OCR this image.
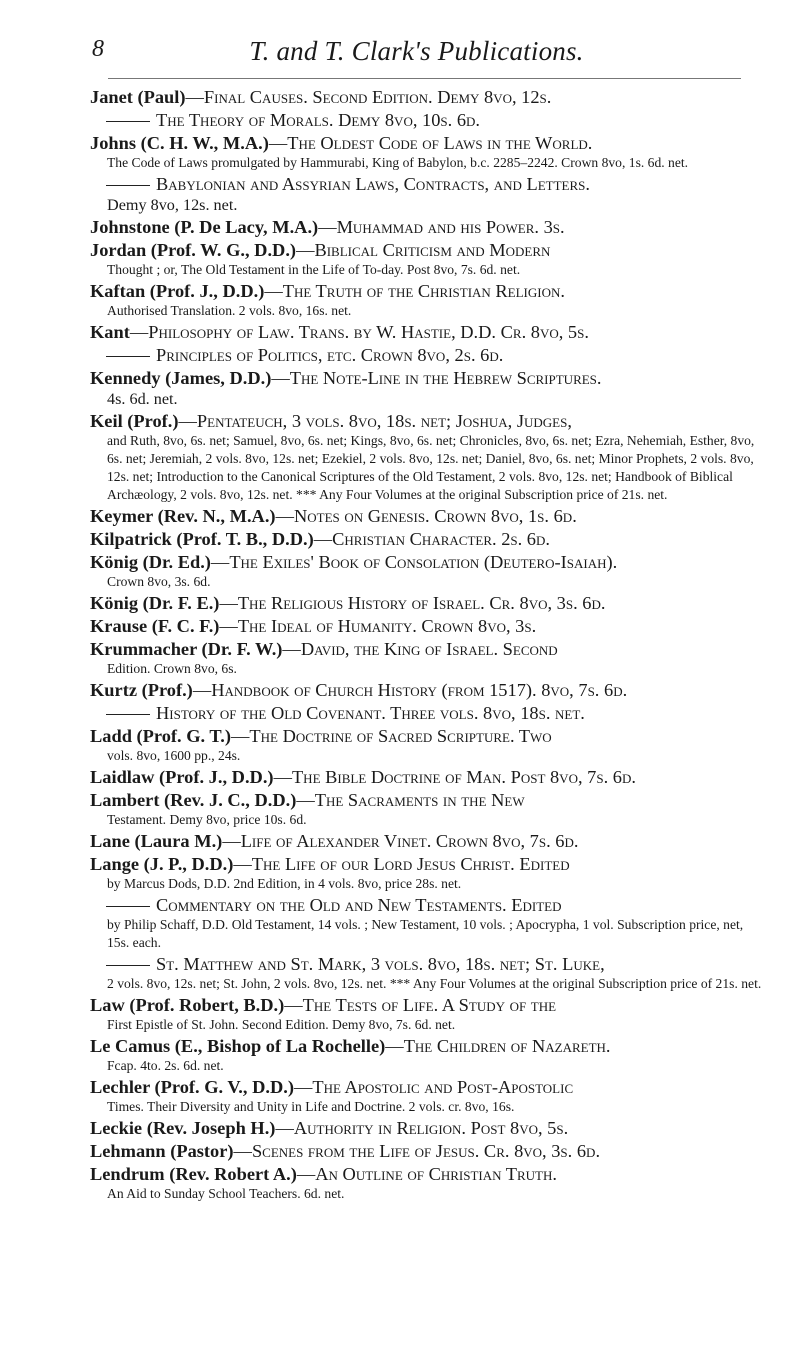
8	T. and T. Clark's Publications.
Janet (Paul)—Final Causes. Second Edition. Demy 8vo, 12s.
The Theory of Morals. Demy 8vo, 10s. 6d.
Johns (C. H. W., M.A.)—The Oldest Code of Laws in the World.
The Code of Laws promulgated by Hammurabi, King of Babylon, b.c. 2285–2242. Crown 8vo, 1s. 6d. net.
Babylonian and Assyrian Laws, Contracts, and Letters.
Demy 8vo, 12s. net.
Johnstone (P. De Lacy, M.A.)—Muhammad and his Power. 3s.
Jordan (Prof. W. G., D.D.)—Biblical Criticism and Modern
Thought ; or, The Old Testament in the Life of To-day. Post 8vo, 7s. 6d. net.
Kaftan (Prof. J., D.D.)—The Truth of the Christian Religion.
Authorised Translation. 2 vols. 8vo, 16s. net.
Kant—Philosophy of Law. Trans. by W. Hastie, D.D. Cr. 8vo, 5s.
Principles of Politics, etc. Crown 8vo, 2s. 6d.
Kennedy (James, D.D.)—The Note-Line in the Hebrew Scriptures.
4s. 6d. net.
Keil (Prof.)—Pentateuch, 3 vols. 8vo, 18s. net; Joshua, Judges,
and Ruth, 8vo, 6s. net; Samuel, 8vo, 6s. net; Kings, 8vo, 6s. net; Chronicles, 8vo, 6s. net; Ezra, Nehemiah, Esther, 8vo, 6s. net; Jeremiah, 2 vols. 8vo, 12s. net; Ezekiel, 2 vols. 8vo, 12s. net; Daniel, 8vo, 6s. net; Minor Prophets, 2 vols. 8vo, 12s. net; Introduction to the Canonical Scriptures of the Old Testament, 2 vols. 8vo, 12s. net; Handbook of Biblical Archæology, 2 vols. 8vo, 12s. net. *** Any Four Volumes at the original Subscription price of 21s. net.
Keymer (Rev. N., M.A.)—Notes on Genesis. Crown 8vo, 1s. 6d.
Kilpatrick (Prof. T. B., D.D.)—Christian Character. 2s. 6d.
König (Dr. Ed.)—The Exiles' Book of Consolation (Deutero-Isaiah).
Crown 8vo, 3s. 6d.
König (Dr. F. E.)—The Religious History of Israel. Cr. 8vo, 3s. 6d.
Krause (F. C. F.)—The Ideal of Humanity. Crown 8vo, 3s.
Krummacher (Dr. F. W.)—David, the King of Israel. Second
Edition. Crown 8vo, 6s.
Kurtz (Prof.)—Handbook of Church History (from 1517). 8vo, 7s. 6d.
History of the Old Covenant. Three vols. 8vo, 18s. net.
Ladd (Prof. G. T.)—The Doctrine of Sacred Scripture. Two
vols. 8vo, 1600 pp., 24s.
Laidlaw (Prof. J., D.D.)—The Bible Doctrine of Man. Post 8vo, 7s. 6d.
Lambert (Rev. J. C., D.D.)—The Sacraments in the New
Testament. Demy 8vo, price 10s. 6d.
Lane (Laura M.)—Life of Alexander Vinet. Crown 8vo, 7s. 6d.
Lange (J. P., D.D.)—The Life of our Lord Jesus Christ. Edited
by Marcus Dods, D.D. 2nd Edition, in 4 vols. 8vo, price 28s. net.
Commentary on the Old and New Testaments. Edited
by Philip Schaff, D.D. Old Testament, 14 vols. ; New Testament, 10 vols. ; Apocrypha, 1 vol. Subscription price, net, 15s. each.
St. Matthew and St. Mark, 3 vols. 8vo, 18s. net; St. Luke,
2 vols. 8vo, 12s. net; St. John, 2 vols. 8vo, 12s. net. *** Any Four Volumes at the original Subscription price of 21s. net.
Law (Prof. Robert, B.D.)—The Tests of Life. A Study of the
First Epistle of St. John. Second Edition. Demy 8vo, 7s. 6d. net.
Le Camus (E., Bishop of La Rochelle)—The Children of Nazareth.
Fcap. 4to. 2s. 6d. net.
Lechler (Prof. G. V., D.D.)—The Apostolic and Post-Apostolic
Times. Their Diversity and Unity in Life and Doctrine. 2 vols. cr. 8vo, 16s.
Leckie (Rev. Joseph H.)—Authority in Religion. Post 8vo, 5s.
Lehmann (Pastor)—Scenes from the Life of Jesus. Cr. 8vo, 3s. 6d.
Lendrum (Rev. Robert A.)—An Outline of Christian Truth.
An Aid to Sunday School Teachers. 6d. net.
